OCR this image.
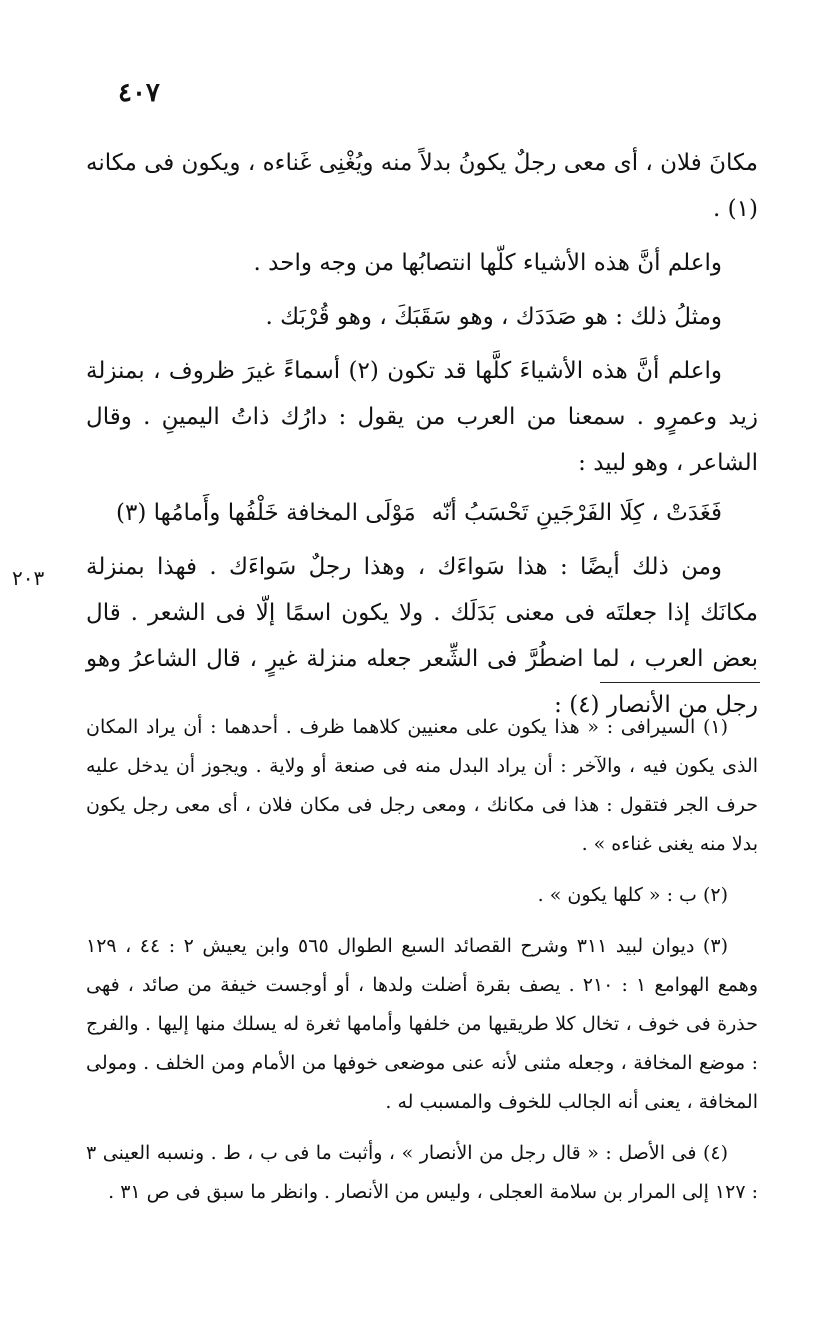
٤٠٧
٢٠٣

مكانَ فلان ، أى معى رجلٌ يكونُ بدلاً منه ويُغْنِى غَناءه ، ويكون فى مكانه (١) .

واعلم أنَّ هذه الأشياء كلّها انتصابُها من وجه واحد .

ومثلُ ذلك : هو صَدَدَك ، وهو سَقَبَكَ ، وهو قُرْبَك .

واعلم أنَّ هذه الأشياءَ كلَّها قد تكون (٢) أسماءً غيرَ ظروف ، بمنزلة زيد وعمرٍو . سمعنا من العرب من يقول : دارُك ذاتُ اليمينِ . وقال الشاعر ، وهو لبيد :

فَغَدَتْ ، كِلَا الفَرْجَينِ تَحْسَبُ أنّه
مَوْلَى المخافة خَلْفُها وأَمامُها (٣)

ومن ذلك أيضًا : هذا سَواءَك ، وهذا رجلٌ سَواءَك . فهذا بمنزلة مكانَك إذا جعلتَه فى معنى بَدَلَك . ولا يكون اسمًا إلّا فى الشعر . قال بعض العرب ، لما اضطُرَّ فى الشِّعر جعله منزلة غيرٍ ، قال الشاعرُ وهو رجل من الأنصار (٤) :

(١) السيرافى : « هذا يكون على معنيين كلاهما ظرف . أحدهما : أن يراد المكان الذى يكون فيه ، والآخر : أن يراد البدل منه فى صنعة أو ولاية . ويجوز أن يدخل عليه حرف الجر فتقول : هذا فى مكانك ، ومعى رجل فى مكان فلان ، أى معى رجل يكون بدلا منه يغنى غناءه » .

(٢) ب : « كلها يكون » .

(٣) ديوان لبيد ٣١١ وشرح القصائد السبع الطوال ٥٦٥ وابن يعيش ٢ : ٤٤ ، ١٢٩ وهمع الهوامع ١ : ٢١٠ . يصف بقرة أضلت ولدها ، أو أوجست خيفة من صائد ، فهى حذرة فى خوف ، تخال كلا طريقيها من خلفها وأمامها ثغرة له يسلك منها إليها . والفرج : موضع المخافة ، وجعله مثنى لأنه عنى موضعى خوفها من الأمام ومن الخلف . ومولى المخافة ، يعنى أنه الجالب للخوف والمسبب له .

(٤) فى الأصل : « قال رجل من الأنصار » ، وأثبت ما فى ب ، ط . ونسبه العينى ٣ : ١٢٧ إلى المرار بن سلامة العجلى ، وليس من الأنصار . وانظر ما سبق فى ص ٣١ .
